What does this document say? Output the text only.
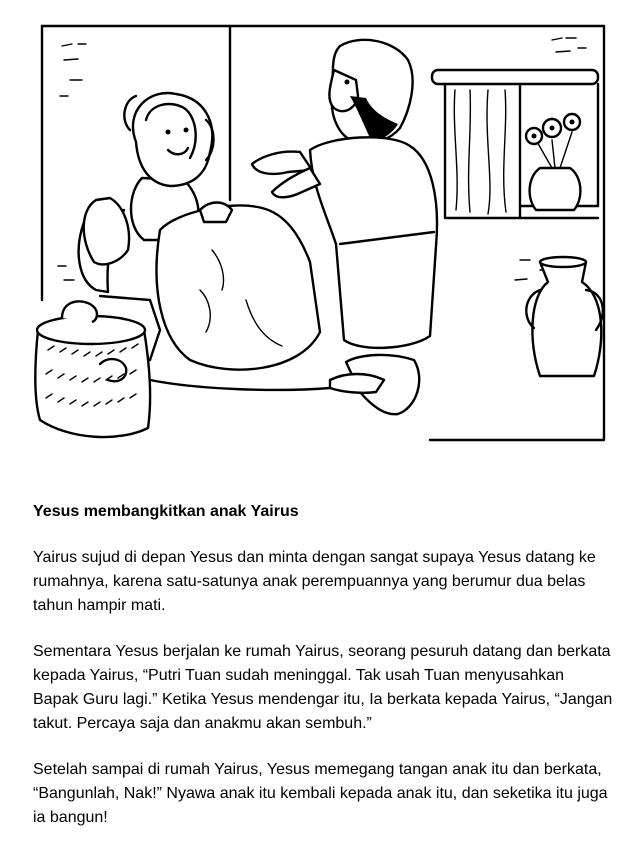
Yesus membangkitkan anak Yairus

Yairus sujud di depan Yesus dan minta dengan sangat supaya Yesus datang ke rumahnya, karena satu-satunya anak perempuannya yang berumur dua belas tahun hampir mati.

Sementara Yesus berjalan ke rumah Yairus, seorang pesuruh datang dan berkata kepada Yairus, “Putri Tuan sudah meninggal. Tak usah Tuan menyusahkan Bapak Guru lagi.” Ketika Yesus mendengar itu, Ia berkata kepada Yairus, “Jangan takut. Percaya saja dan anakmu akan sembuh.”

Setelah sampai di rumah Yairus, Yesus memegang tangan anak itu dan berkata, “Bangunlah, Nak!” Nyawa anak itu kembali kepada anak itu, dan seketika itu juga ia bangun!
